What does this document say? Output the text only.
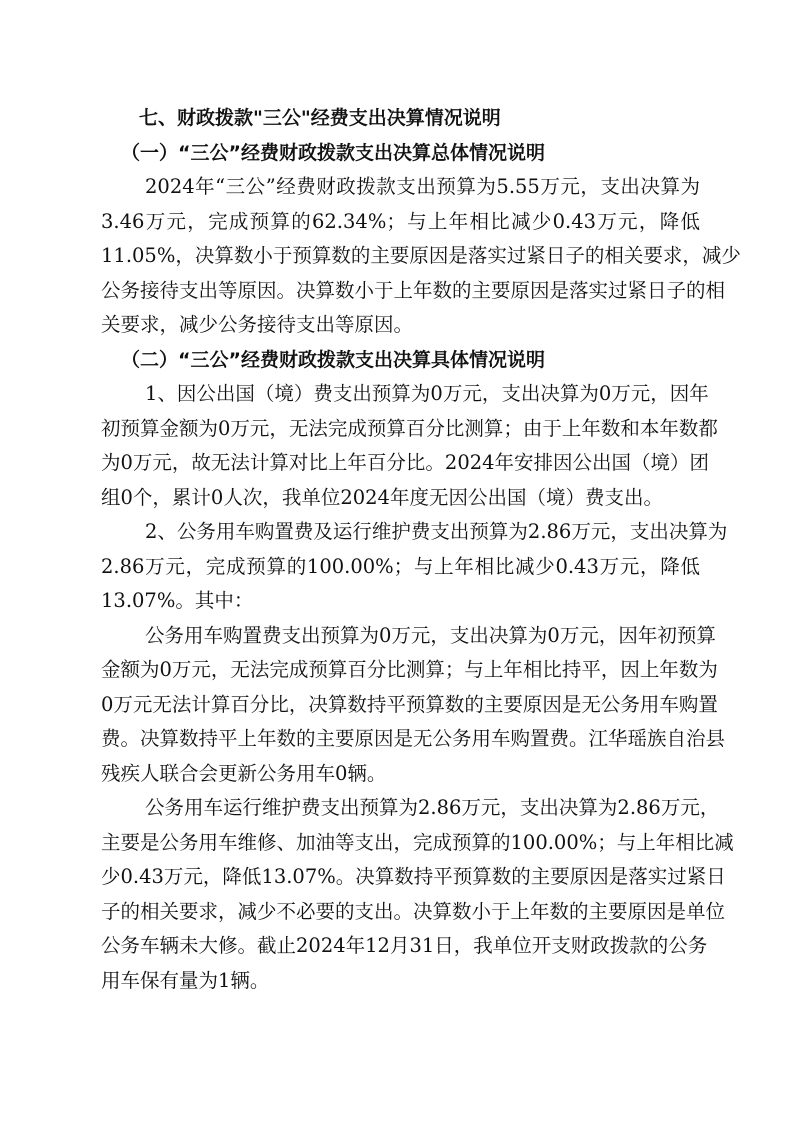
七、财政拨款"三公"经费支出决算情况说明
（一）“三公”经费财政拨款支出决算总体情况说明
2024年“三公”经费财政拨款支出预算为5.55万元，支出决算为
3.46万元，完成预算的62.34%；与上年相比减少0.43万元，降低
11.05%，决算数小于预算数的主要原因是落实过紧日子的相关要求，减少
公务接待支出等原因。决算数小于上年数的主要原因是落实过紧日子的相
关要求，减少公务接待支出等原因。
（二）“三公”经费财政拨款支出决算具体情况说明
1、因公出国（境）费支出预算为0万元，支出决算为0万元，因年
初预算金额为0万元，无法完成预算百分比测算；由于上年数和本年数都
为0万元，故无法计算对比上年百分比。2024年安排因公出国（境）团
组0个，累计0人次，我单位2024年度无因公出国（境）费支出。
2、公务用车购置费及运行维护费支出预算为2.86万元，支出决算为
2.86万元，完成预算的100.00%；与上年相比减少0.43万元，降低
13.07%。其中：
公务用车购置费支出预算为0万元，支出决算为0万元，因年初预算
金额为0万元，无法完成预算百分比测算；与上年相比持平，因上年数为
0万元无法计算百分比，决算数持平预算数的主要原因是无公务用车购置
费。决算数持平上年数的主要原因是无公务用车购置费。江华瑶族自治县
残疾人联合会更新公务用车0辆。
公务用车运行维护费支出预算为2.86万元，支出决算为2.86万元，
主要是公务用车维修、加油等支出，完成预算的100.00%；与上年相比减
少0.43万元，降低13.07%。决算数持平预算数的主要原因是落实过紧日
子的相关要求，减少不必要的支出。决算数小于上年数的主要原因是单位
公务车辆未大修。截止2024年12月31日，我单位开支财政拨款的公务
用车保有量为1辆。
